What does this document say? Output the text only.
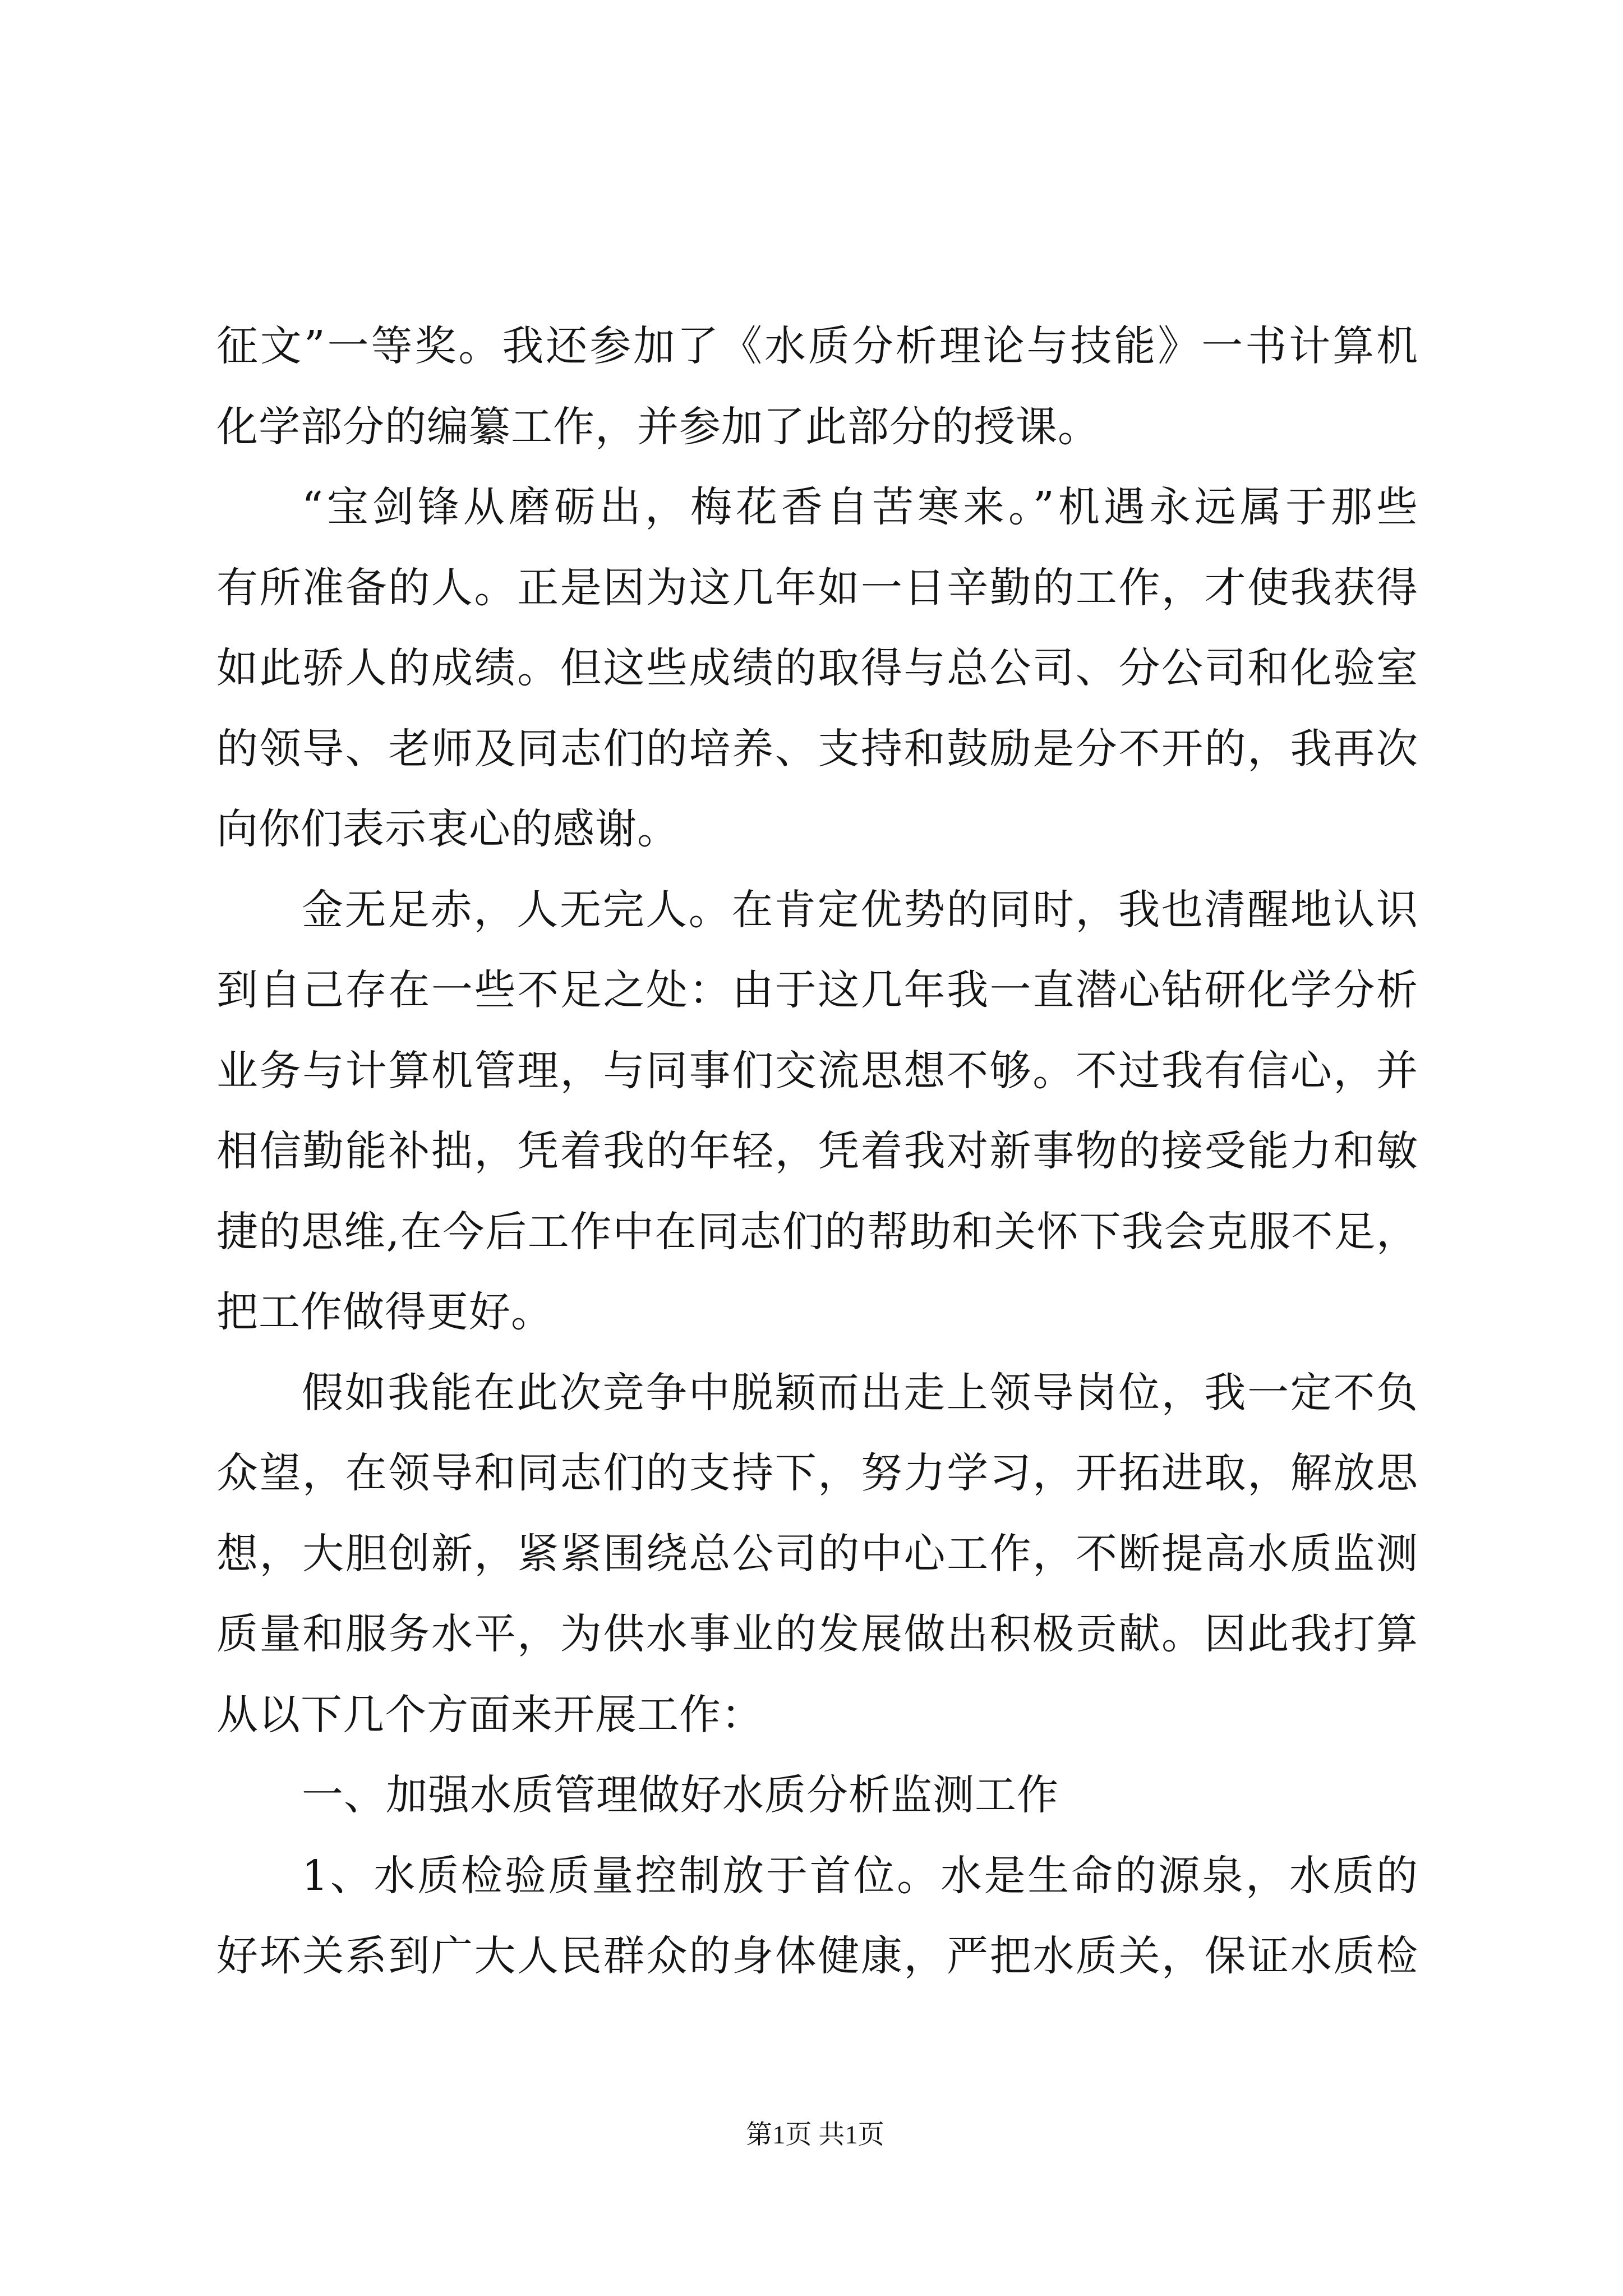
征文”一等奖。我还参加了《水质分析理论与技能》一书计算机
化学部分的编纂工作，并参加了此部分的授课。
“宝剑锋从磨砺出，梅花香自苦寒来。”机遇永远属于那些
有所准备的人。正是因为这几年如一日辛勤的工作，才使我获得
如此骄人的成绩。但这些成绩的取得与总公司、分公司和化验室
的领导、老师及同志们的培养、支持和鼓励是分不开的，我再次
向你们表示衷心的感谢。
金无足赤，人无完人。在肯定优势的同时，我也清醒地认识
到自己存在一些不足之处：由于这几年我一直潜心钻研化学分析
业务与计算机管理，与同事们交流思想不够。不过我有信心，并
相信勤能补拙，凭着我的年轻，凭着我对新事物的接受能力和敏
捷的思维,在今后工作中在同志们的帮助和关怀下我会克服不足，
把工作做得更好。
假如我能在此次竞争中脱颖而出走上领导岗位，我一定不负
众望，在领导和同志们的支持下，努力学习，开拓进取，解放思
想，大胆创新，紧紧围绕总公司的中心工作，不断提高水质监测
质量和服务水平，为供水事业的发展做出积极贡献。因此我打算
从以下几个方面来开展工作：
一、加强水质管理做好水质分析监测工作
1、水质检验质量控制放于首位。水是生命的源泉，水质的
好坏关系到广大人民群众的身体健康，严把水质关，保证水质检
第1页 共1页
